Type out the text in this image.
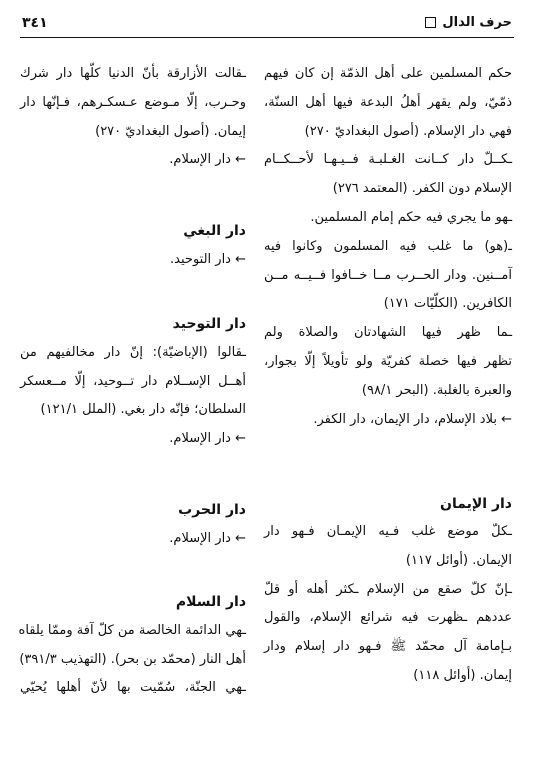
حرف الدال
٣٤١
حكم المسلمين على أهل الذمّة إن كان فيهم
ذمّيّ، ولم يقهر أهلُ البدعة فيها أهل السنّة،
فهي دار الإسلام. (أصول البغداديّ ٢٧٠)
ـكــلّ دار كــانت الغـلبـة فــيـهـا لأحــكــام
الإسلام دون الكفر. (المعتمد ٢٧٦)
ـهو ما يجري فيه حكم إمام المسلمين.
ـ(هو) ما غلب فيه المسلمون وكانوا فيه
آمــنين. ودار الحــرب مــا خــافوا فــيــه مــن
الكافرين. (الكلّيّات ١٧١)
ـما ظهر فيها الشهادتان والصلاة ولم
تظهر فيها خصلة كفريّة ولو تأويلاً إلّا بجوار،
والعبرة بالغلبة. (البحر ٩٨/١)
← بلاد الإسلام، دار الإيمان، دار الكفر.
دار الإيمان
ـكلّ موضع غلب فـيه الإيمـان فـهو دار
الإيمان. (أوائل ١١٧)
ـإنّ كلّ صقع من الإسلام ـكثر أهله أو قلّ
عددهم ـظهرت فيه شرائع الإسلام، والقول
بـإمامة آل محمّد ﷺ فـهو دار إسلام ودار
إيمان. (أوائل ١١٨)
ـقالت الأزارقة بأنّ الدنيا كلّها دار شرك
وحـرب، إلّا مـوضع عـسكـرهم، فـإنّها دار
إيمان. (أصول البغداديّ ٢٧٠)
← دار الإسلام.
دار البغي
← دار التوحيد.
دار التوحيد
ـقالوا (الإباضيّة): إنّ دار مخالفيهم من
أهــل الإســلام دار تــوحيد، إلّا مــعسكر
السلطان؛ فإنّه دار بغي. (الملل ١٢١/١)
← دار الإسلام.
دار الحرب
← دار الإسلام.
دار السلام
ـهي الدائمة الخالصة من كلّ آفة وممّا يلقاه
أهل النار (محمّد بن بحر). (التهذيب ٣٩١/٣)
ـهي الجنّة، سُمّيت بها لأنّ أهلها يُحيّي
